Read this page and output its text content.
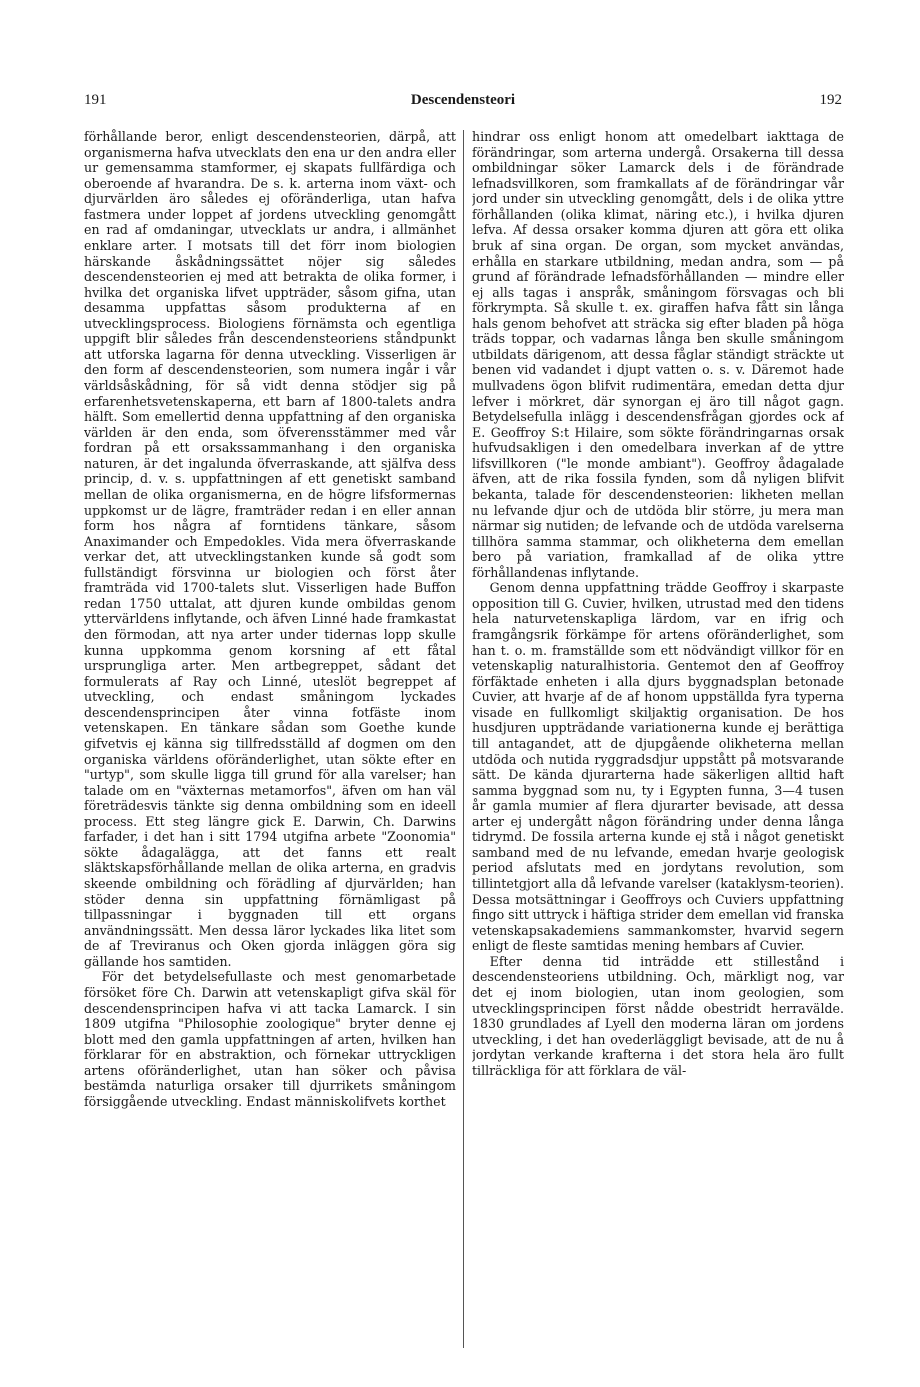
191	Descendensteori	192

förhållande beror, enligt descendensteorien, därpå, att organismerna hafva utvecklats den ena ur den andra eller ur gemensamma stamformer, ej skapats fullfärdiga och oberoende af hvarandra. De s. k. arterna inom växt- och djurvärlden äro således ej oföränderliga, utan hafva fastmera under loppet af jordens utveckling genomgått en rad af omdaningar, utvecklats ur andra, i allmänhet enklare arter. I motsats till det förr inom biologien härskande åskådningssättet nöjer sig således descendensteorien ej med att betrakta de olika former, i hvilka det organiska lifvet uppträder, såsom gifna, utan desamma uppfattas såsom produkterna af en utvecklingsprocess. Biologiens förnämsta och egentliga uppgift blir således från descendensteoriens ståndpunkt att utforska lagarna för denna utveckling. Visserligen är den form af descendensteorien, som numera ingår i vår världsåskådning, för så vidt denna stödjer sig på erfarenhetsvetenskaperna, ett barn af 1800-talets andra hälft. Som emellertid denna uppfattning af den organiska världen är den enda, som öfverensstämmer med vår fordran på ett orsakssammanhang i den organiska naturen, är det ingalunda öfverraskande, att själfva dess princip, d. v. s. uppfattningen af ett genetiskt samband mellan de olika organismerna, en de högre lifsformernas uppkomst ur de lägre, framträder redan i en eller annan form hos några af forntidens tänkare, såsom Anaximander och Empedokles. Vida mera öfverraskande verkar det, att utvecklingstanken kunde så godt som fullständigt försvinna ur biologien och först åter framträda vid 1700-talets slut. Visserligen hade Buffon redan 1750 uttalat, att djuren kunde ombildas genom yttervärldens inflytande, och äfven Linné hade framkastat den förmodan, att nya arter under tidernas lopp skulle kunna uppkomma genom korsning af ett fåtal ursprungliga arter. Men artbegreppet, sådant det formulerats af Ray och Linné, uteslöt begreppet af utveckling, och endast småningom lyckades descendensprincipen åter vinna fotfäste inom vetenskapen. En tänkare sådan som Goethe kunde gifvetvis ej känna sig tillfredsställd af dogmen om den organiska världens oföränderlighet, utan sökte efter en "urtyp", som skulle ligga till grund för alla varelser; han talade om en "växternas metamorfos", äfven om han väl företrädesvis tänkte sig denna ombildning som en ideell process. Ett steg längre gick E. Darwin, Ch. Darwins farfader, i det han i sitt 1794 utgifna arbete "Zoonomia" sökte ådagalägga, att det fanns ett realt släktskapsförhållande mellan de olika arterna, en gradvis skeende ombildning och förädling af djurvärlden; han stöder denna sin uppfattning förnämligast på tillpassningar i byggnaden till ett organs användningssätt. Men dessa läror lyckades lika litet som de af Treviranus och Oken gjorda inläggen göra sig gällande hos samtiden.

För det betydelsefullaste och mest genomarbetade försöket före Ch. Darwin att vetenskapligt gifva skäl för descendensprincipen hafva vi att tacka Lamarck. I sin 1809 utgifna "Philosophie zoologique" bryter denne ej blott med den gamla uppfattningen af arten, hvilken han förklarar för en abstraktion, och förnekar uttryckligen artens oföränderlighet, utan han söker och påvisa bestämda naturliga orsaker till djurrikets småningom försiggående utveckling. Endast människolifvets korthet

hindrar oss enligt honom att omedelbart iakttaga de förändringar, som arterna undergå. Orsakerna till dessa ombildningar söker Lamarck dels i de förändrade lefnadsvillkoren, som framkallats af de förändringar vår jord under sin utveckling genomgått, dels i de olika yttre förhållanden (olika klimat, näring etc.), i hvilka djuren lefva. Af dessa orsaker komma djuren att göra ett olika bruk af sina organ. De organ, som mycket användas, erhålla en starkare utbildning, medan andra, som — på grund af förändrade lefnadsförhållanden — mindre eller ej alls tagas i anspråk, småningom försvagas och bli förkrympta. Så skulle t. ex. giraffen hafva fått sin långa hals genom behofvet att sträcka sig efter bladen på höga träds toppar, och vadarnas långa ben skulle småningom utbildats därigenom, att dessa fåglar ständigt sträckte ut benen vid vadandet i djupt vatten o. s. v. Däremot hade mullvadens ögon blifvit rudimentära, emedan detta djur lefver i mörkret, där synorgan ej äro till något gagn. Betydelsefulla inlägg i descendensfrågan gjordes ock af E. Geoffroy S:t Hilaire, som sökte förändringarnas orsak hufvudsakligen i den omedelbara inverkan af de yttre lifsvillkoren ("le monde ambiant"). Geoffroy ådagalade äfven, att de rika fossila fynden, som då nyligen blifvit bekanta, talade för descendensteorien: likheten mellan nu lefvande djur och de utdöda blir större, ju mera man närmar sig nutiden; de lefvande och de utdöda varelserna tillhöra samma stammar, och olikheterna dem emellan bero på variation, framkallad af de olika yttre förhållandenas inflytande.

Genom denna uppfattning trädde Geoffroy i skarpaste opposition till G. Cuvier, hvilken, utrustad med den tidens hela naturvetenskapliga lärdom, var en ifrig och framgångsrik förkämpe för artens oföränderlighet, som han t. o. m. framställde som ett nödvändigt villkor för en vetenskaplig naturalhistoria. Gentemot den af Geoffroy förfäktade enheten i alla djurs byggnadsplan betonade Cuvier, att hvarje af de af honom uppställda fyra typerna visade en fullkomligt skiljaktig organisation. De hos husdjuren uppträdande variationerna kunde ej berättiga till antagandet, att de djupgående olikheterna mellan utdöda och nutida ryggradsdjur uppstått på motsvarande sätt. De kända djurarterna hade säkerligen alltid haft samma byggnad som nu, ty i Egypten funna, 3—4 tusen år gamla mumier af flera djurarter bevisade, att dessa arter ej undergått någon förändring under denna långa tidrymd. De fossila arterna kunde ej stå i något genetiskt samband med de nu lefvande, emedan hvarje geologisk period afslutats med en jordytans revolution, som tillintetgjort alla då lefvande varelser (kataklysm-teorien). Dessa motsättningar i Geoffroys och Cuviers uppfattning fingo sitt uttryck i häftiga strider dem emellan vid franska vetenskapsakademiens sammankomster, hvarvid segern enligt de fleste samtidas mening hembars af Cuvier.

Efter denna tid inträdde ett stillestånd i descendensteoriens utbildning. Och, märkligt nog, var det ej inom biologien, utan inom geologien, som utvecklingsprincipen först nådde obestridt herravälde. 1830 grundlades af Lyell den moderna läran om jordens utveckling, i det han ovederläggligt bevisade, att de nu å jordytan verkande krafterna i det stora hela äro fullt tillräckliga för att förklara de väl-
